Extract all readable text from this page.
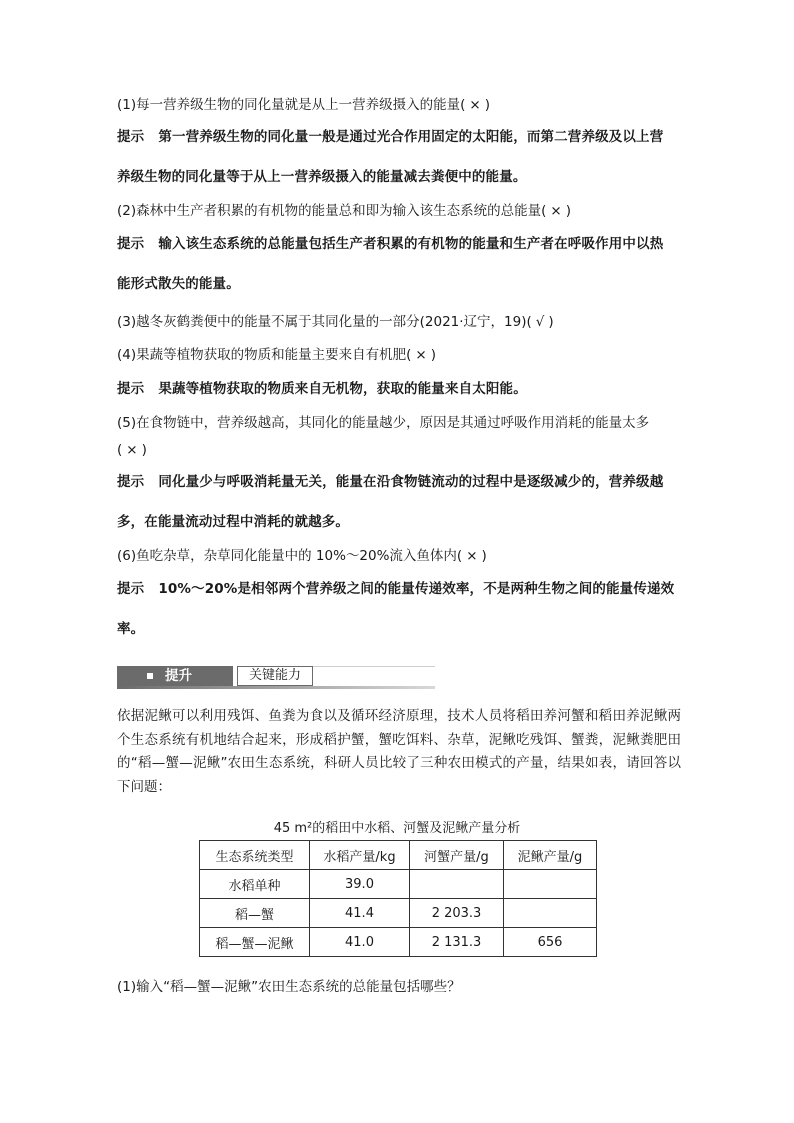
(1)每一营养级生物的同化量就是从上一营养级摄入的能量( × )
提示 第一营养级生物的同化量一般是通过光合作用固定的太阳能，而第二营养级及以上营
养级生物的同化量等于从上一营养级摄入的能量减去粪便中的能量。
(2)森林中生产者积累的有机物的能量总和即为输入该生态系统的总能量( × )
提示 输入该生态系统的总能量包括生产者积累的有机物的能量和生产者在呼吸作用中以热
能形式散失的能量。
(3)越冬灰鹤粪便中的能量不属于其同化量的一部分(2021·辽宁，19)( √ )
(4)果蔬等植物获取的物质和能量主要来自有机肥( × )
提示 果蔬等植物获取的物质来自无机物，获取的能量来自太阳能。
(5)在食物链中，营养级越高，其同化的能量越少，原因是其通过呼吸作用消耗的能量太多
( × )
提示 同化量少与呼吸消耗量无关，能量在沿食物链流动的过程中是逐级减少的，营养级越
多，在能量流动过程中消耗的就越多。
(6)鱼吃杂草，杂草同化能量中的 10%～20%流入鱼体内( × )
提示 10%～20%是相邻两个营养级之间的能量传递效率，不是两种生物之间的能量传递效
率。
提升	关键能力
依据泥鳅可以利用残饵、鱼粪为食以及循环经济原理，技术人员将稻田养河蟹和稻田养泥鳅两个生态系统有机地结合起来，形成稻护蟹，蟹吃饵料、杂草，泥鳅吃残饵、蟹粪，泥鳅粪肥田的“稻—蟹—泥鳅”农田生态系统，科研人员比较了三种农田模式的产量，结果如表，请回答以下问题：
45 m²的稻田中水稻、河蟹及泥鳅产量分析
生态系统类型	水稻产量/kg	河蟹产量/g	泥鳅产量/g
水稻单种	39.0		
稻—蟹	41.4	2 203.3	
稻—蟹—泥鳅	41.0	2 131.3	656
(1)输入“稻—蟹—泥鳅”农田生态系统的总能量包括哪些？
